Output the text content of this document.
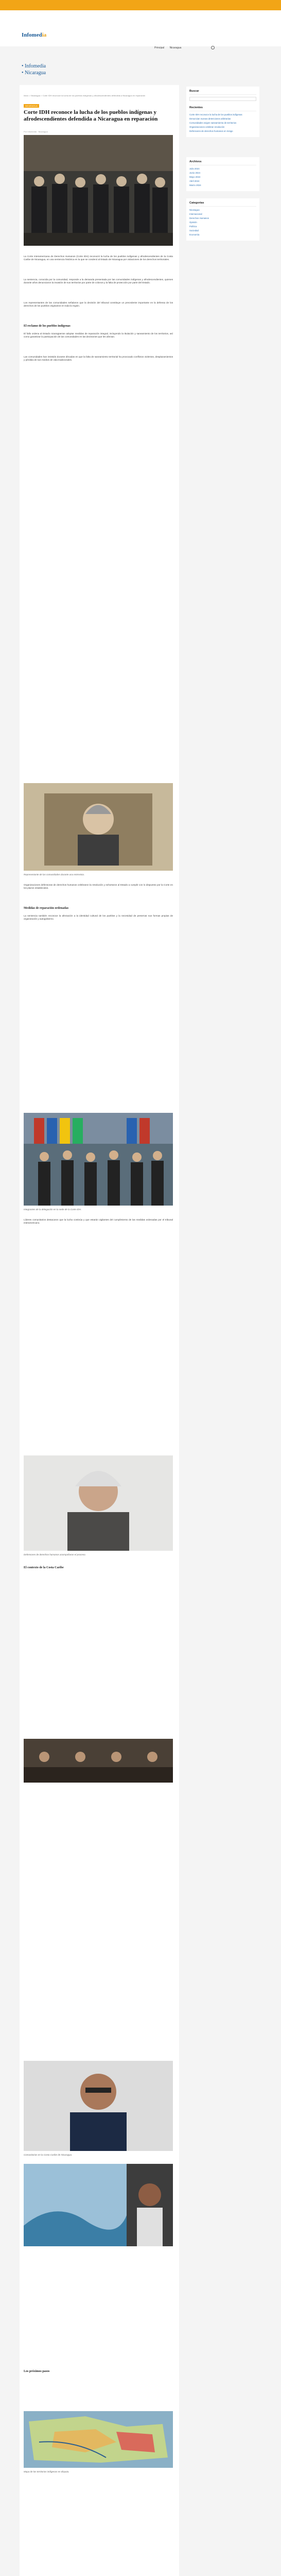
Infomedia
Principal Nicaragua
• Infomedia
• Nicaragua
Inicio > Nicaragua > Corte IDH reconoce la lucha de los pueblos indígenas y afrodescendientes defendida a Nicaragua en reparación
NICARAGUA
Corte IDH reconoce la lucha de los pueblos indígenas y afrodescendientes defendida a Nicaragua en reparación
Por Infomedia · Nicaragua

La Corte Interamericana de Derechos Humanos (Corte IDH) reconoció la lucha de los pueblos indígenas y afrodescendientes de la Costa Caribe de Nicaragua, en una sentencia histórica en la que se condenó al Estado de Nicaragua por violaciones de los derechos territoriales.

La sentencia, conocida por la comunidad, responde a la demanda presentada por las comunidades indígenas y afrodescendientes, quienes durante años denunciaron la invasión de sus territorios por parte de colonos y la falta de protección por parte del Estado.

Los representantes de las comunidades señalaron que la decisión del tribunal constituye un precedente importante en la defensa de los derechos de los pueblos originarios en toda la región.

El reclamo de los pueblos indígenas

El fallo ordena al Estado nicaragüense adoptar medidas de reparación integral, incluyendo la titulación y saneamiento de los territorios, así como garantizar la participación de las comunidades en las decisiones que les afectan.

Las comunidades han insistido durante décadas en que la falta de saneamiento territorial ha provocado conflictos violentos, desplazamientos y pérdida de sus medios de vida tradicionales.

Representante de las comunidades durante una entrevista.

Organizaciones defensoras de derechos humanos celebraron la resolución y exhortaron al Estado a cumplir con lo dispuesto por la Corte en los plazos establecidos.

Medidas de reparación ordenadas

La sentencia también reconoce la afectación a la identidad cultural de los pueblos y la necesidad de preservar sus formas propias de organización y autogobierno.

Integrantes de la delegación en la sede de la Corte IDH.

Líderes comunitarios destacaron que la lucha continúa y que estarán vigilantes del cumplimiento de las medidas ordenadas por el tribunal interamericano.

Defensores de derechos humanos acompañaron el proceso.
El contexto de la Costa Caribe
Comunitarios en la Costa Caribe de Nicaragua.
Los próximos pasos
Mapa de los territorios indígenas en disputa.

Buscar
Recientes
Corte IDH reconoce la lucha de los pueblos indígenas
Denuncian nuevas detenciones arbitrarias
Comunidades exigen saneamiento de territorios
Organizaciones celebran resolución
Defensores de derechos humanos en riesgo
Archivos
Julio 2024
Junio 2024
Mayo 2024
Abril 2024
Marzo 2024
Categorías
Nicaragua
Internacional
Derechos Humanos
Opinión
Política
Sociedad
Economía
